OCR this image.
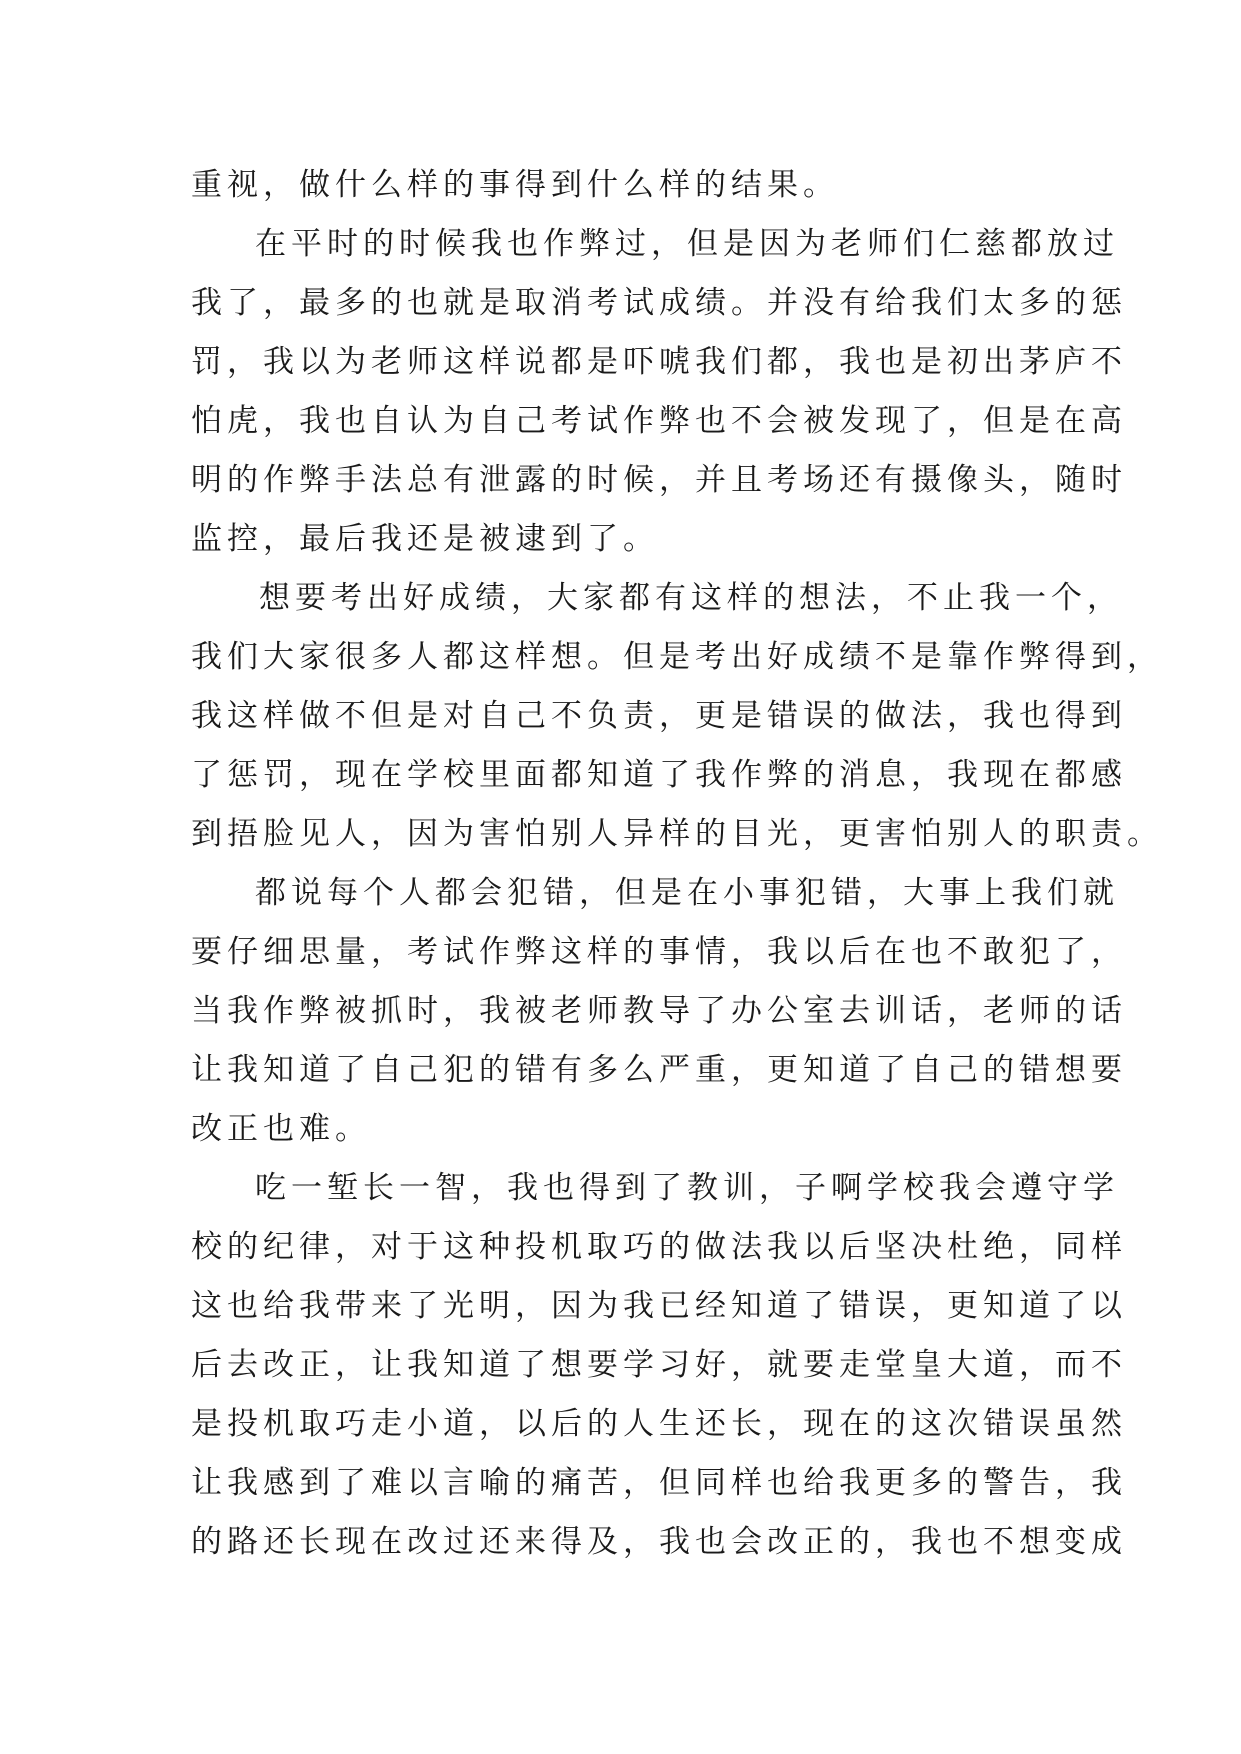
重视，做什么样的事得到什么样的结果。
在平时的时候我也作弊过，但是因为老师们仁慈都放过
我了，最多的也就是取消考试成绩。并没有给我们太多的惩
罚，我以为老师这样说都是吓唬我们都，我也是初出茅庐不
怕虎，我也自认为自己考试作弊也不会被发现了，但是在高
明的作弊手法总有泄露的时候，并且考场还有摄像头，随时
监控，最后我还是被逮到了。
想要考出好成绩，大家都有这样的想法，不止我一个，
我们大家很多人都这样想。但是考出好成绩不是靠作弊得到，
我这样做不但是对自己不负责，更是错误的做法，我也得到
了惩罚，现在学校里面都知道了我作弊的消息，我现在都感
到捂脸见人，因为害怕别人异样的目光，更害怕别人的职责。
都说每个人都会犯错，但是在小事犯错，大事上我们就
要仔细思量，考试作弊这样的事情，我以后在也不敢犯了，
当我作弊被抓时，我被老师教导了办公室去训话，老师的话
让我知道了自己犯的错有多么严重，更知道了自己的错想要
改正也难。
吃一堑长一智，我也得到了教训，子啊学校我会遵守学
校的纪律，对于这种投机取巧的做法我以后坚决杜绝，同样
这也给我带来了光明，因为我已经知道了错误，更知道了以
后去改正，让我知道了想要学习好，就要走堂皇大道，而不
是投机取巧走小道，以后的人生还长，现在的这次错误虽然
让我感到了难以言喻的痛苦，但同样也给我更多的警告，我
的路还长现在改过还来得及，我也会改正的，我也不想变成
